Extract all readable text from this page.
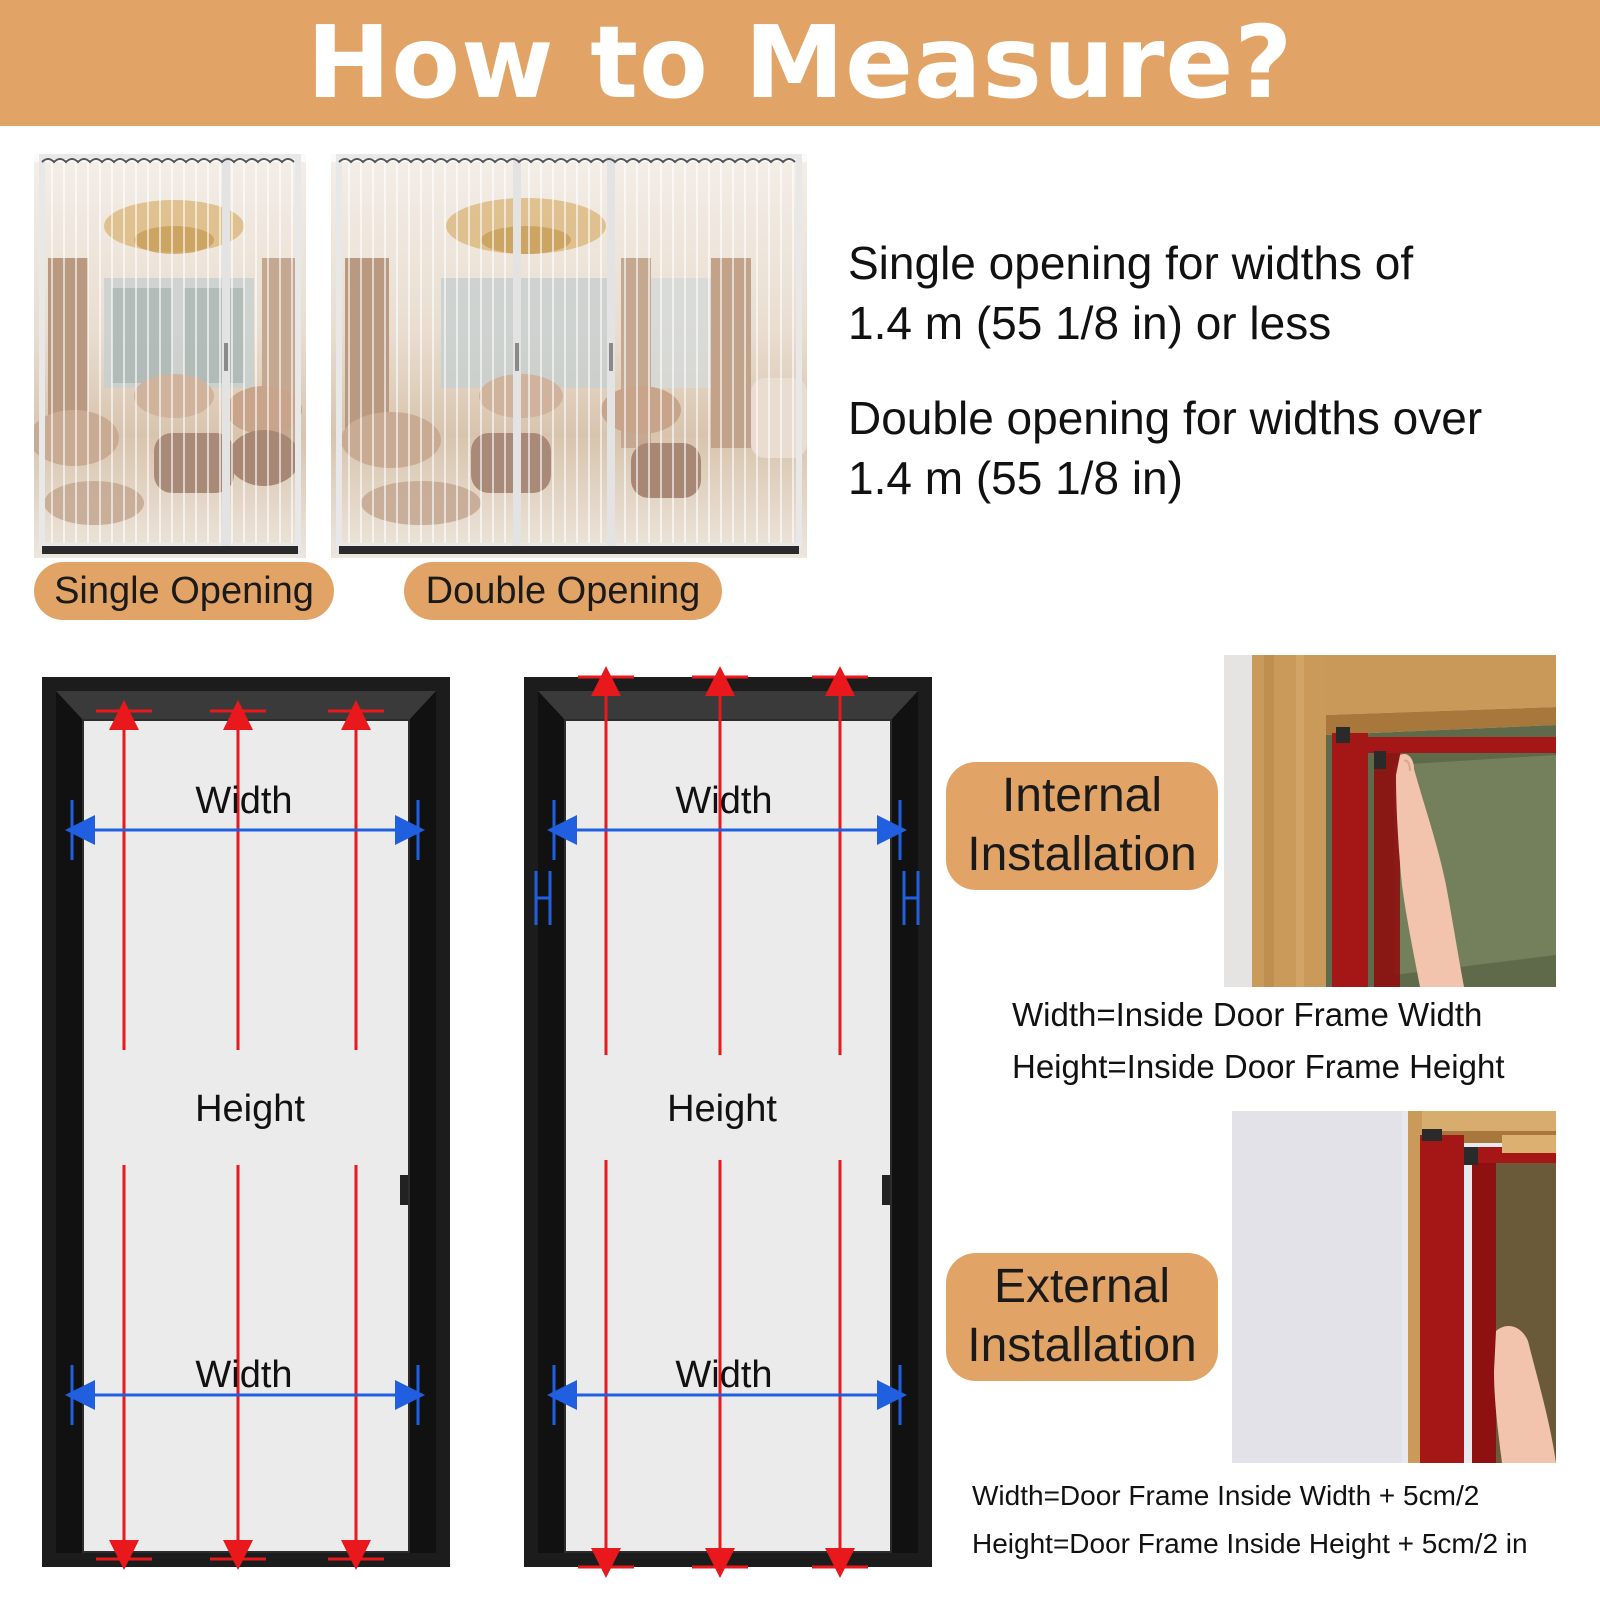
How to Measure?
Single Opening	Double Opening
Single opening for widths of
1.4 m (55 1/8 in) or less
Double opening for widths over
1.4 m (55 1/8 in)
Width
Height
Width
Width
Height
Width
Internal
Installation
Width=Inside Door Frame Width
Height=Inside Door Frame Height
External
Installation
Width=Door Frame Inside Width + 5cm/2
Height=Door Frame Inside Height + 5cm/2 in
